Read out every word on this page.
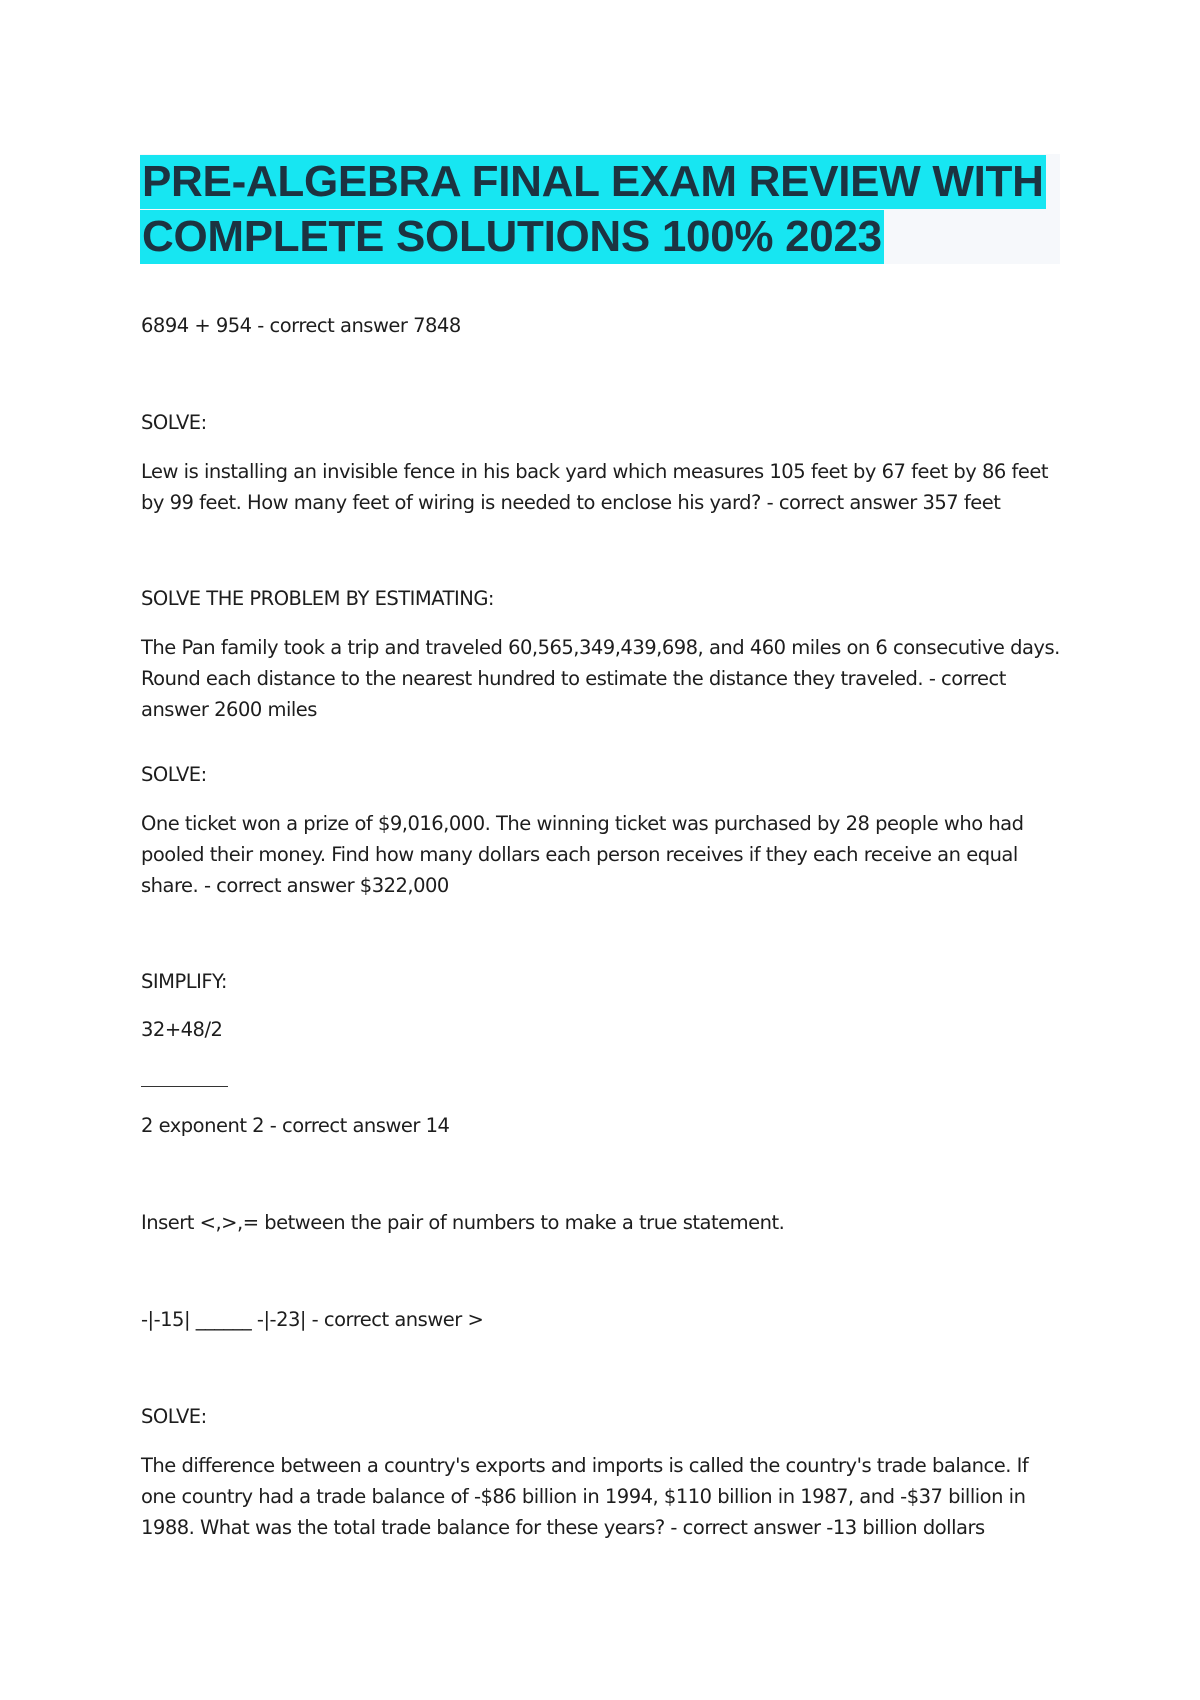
PRE-ALGEBRA FINAL EXAM REVIEW WITH
COMPLETE SOLUTIONS 100% 2023
6894 + 954 - correct answer 7848
SOLVE:
Lew is installing an invisible fence in his back yard which measures 105 feet by 67 feet by 86 feet by 99 feet. How many feet of wiring is needed to enclose his yard? - correct answer 357 feet
SOLVE THE PROBLEM BY ESTIMATING:
The Pan family took a trip and traveled 60,565,349,439,698, and 460 miles on 6 consecutive days. Round each distance to the nearest hundred to estimate the distance they traveled. - correct answer 2600 miles
SOLVE:
One ticket won a prize of $9,016,000. The winning ticket was purchased by 28 people who had pooled their money. Find how many dollars each person receives if they each receive an equal share. - correct answer $322,000
SIMPLIFY:
32+48/2
2 exponent 2 - correct answer 14
Insert <,>,= between the pair of numbers to make a true statement.
-|-15| ______ -|-23| - correct answer >
SOLVE:
The difference between a country's exports and imports is called the country's trade balance. If one country had a trade balance of -$86 billion in 1994, $110 billion in 1987, and -$37 billion in 1988. What was the total trade balance for these years? - correct answer -13 billion dollars
